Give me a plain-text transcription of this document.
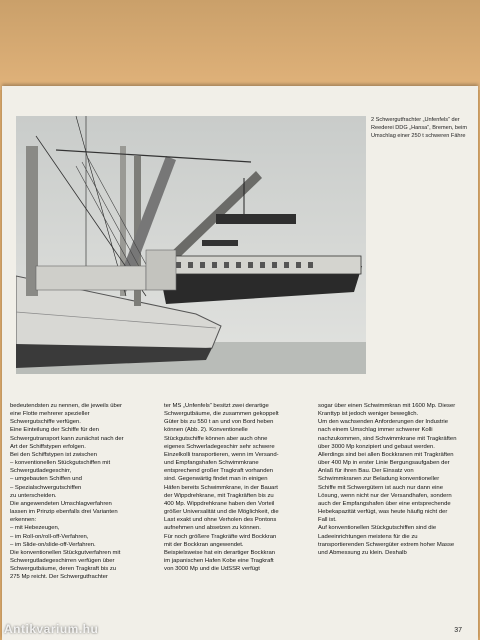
2 Schwergutfrachter „Unfenfels“ der Reederei DDG „Hansa“, Bremen, beim Umschlag einer 250 t schweren Fähre

bedeutendsten zu nennen, die jeweils über eine Flotte mehrerer spezieller Schwergutschiffe verfügen.
Eine Einteilung der Schiffe für den Schwergutransport kann zunächst nach der Art der Schiffstypen erfolgen.
Bei den Schiffstypen ist zwischen
– konventionellen Stückgutschiffen mit Schwergutladegeschirr,
– umgebauten Schiffen und
– Spezialschwergutschiffen
zu unterscheiden.
Die angewendeten Umschlagverfahren lassen im Prinzip ebenfalls drei Varianten erkennen:
– mit Hebezeugen,
– im Roll-on/roll-off-Verfahren,
– im Slide-on/slide-off-Verfahren.
Die konventionellen Stückgutverfahren mit Schwergutladegeschirren verfügen über Schwergutbäume, deren Tragkraft bis zu 275 Mp reicht. Der Schwergutfrachter

ter MS „Unfenfels“ besitzt zwei derartige Schwergutbäume, die zusammen gekoppelt Güter bis zu 550 t an und von Bord heben können (Abb. 2). Konventionelle Stückgutschiffe können aber auch ohne eigenes Schwerladegeschirr sehr schwere Einzelkolli transportieren, wenn im Versand- und Empfangshafen Schwimmkrane entsprechend großer Tragkraft vorhanden sind. Gegenwärtig findet man in einigen Häfen bereits Schwimmkrane, in der Bauart der Wippdrehkrane, mit Tragkräften bis zu 400 Mp. Wippdrehkrane haben den Vorteil größer Universalität und die Möglichkeit, die Last exakt und ohne Verholen des Pontons aufnehmen und absetzen zu können.
Für noch größere Tragkräfte wird Bockkran mit der Bockkran angewendet. Beispielsweise hat ein derartiger Bockkran im japanischen Hafen Kobe eine Tragkraft von 3000 Mp und die UdSSR verfügt

sogar über einen Schwimmkran mit 1600 Mp. Dieser Kranttyp ist jedoch weniger beweglich.
Um den wachsenden Anforderungen der Industrie nach einem Umschlag immer schwerer Kolli nachzukommen, sind Schwimmkrane mit Tragkräften über 3000 Mp konzipiert und gebaut werden. Allerdings sind bei allen Bockkranen mit Tragkräften über 400 Mp in erster Linie Bergungsaufgaben der Anlaß für ihren Bau. Der Einsatz von Schwimmkranen zur Beladung konventioneller Schiffe mit Schwergütern ist auch nur dann eine Lösung, wenn nicht nur der Versandhafen, sondern auch der Empfangshafen über eine entsprechende Hebekapazität verfügt, was heute häufig nicht der Fall ist.
Auf konventionellen Stückgutschiffen sind die Ladeeinrichtungen meistens für die zu transportierenden Schwergüter extrem hoher Masse und Abmessung zu klein. Deshalb

37
Antikvarium.hu
